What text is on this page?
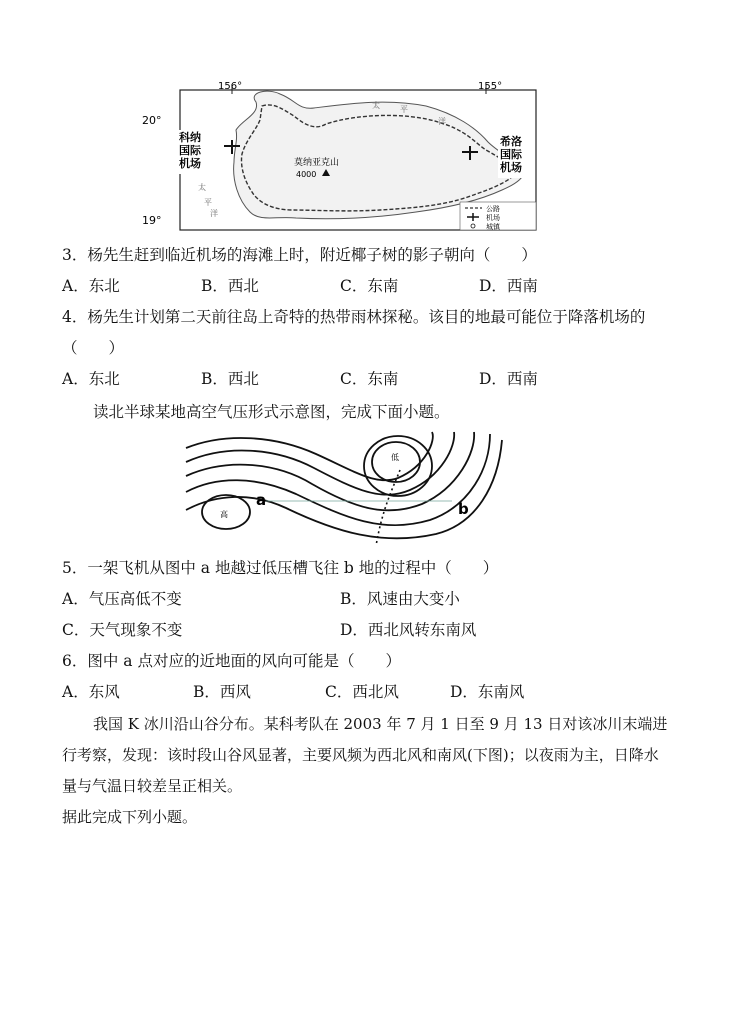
156°	155°
科纳
国际
机场
希洛
国际
机场
20°
19°
莫纳亚克山
4000
太	平
洋
太
平
洋	公路
机场
城镇
3．杨先生赶到临近机场的海滩上时，附近椰子树的影子朝向（　　）
A．东北	B．西北	C．东南	D．西南
4．杨先生计划第二天前往岛上奇特的热带雨林探秘。该目的地最可能位于降落机场的
（　　）
A．东北	B．西北	C．东南	D．西南
读北半球某地高空气压形式示意图，完成下面小题。
低
高
a	b
5．一架飞机从图中 a 地越过低压槽飞往 b 地的过程中（　　）
A．气压高低不变	B．风速由大变小
C．天气现象不变	D．西北风转东南风
6．图中 a 点对应的近地面的风向可能是（　　）
A．东风	B．西风	C．西北风	D．东南风
我国 K 冰川沿山谷分布。某科考队在 2003 年 7 月 1 日至 9 月 13 日对该冰川末端进
行考察，发现：该时段山谷风显著，主要风频为西北风和南风(下图)；以夜雨为主，日降水
量与气温日较差呈正相关。
据此完成下列小题。
